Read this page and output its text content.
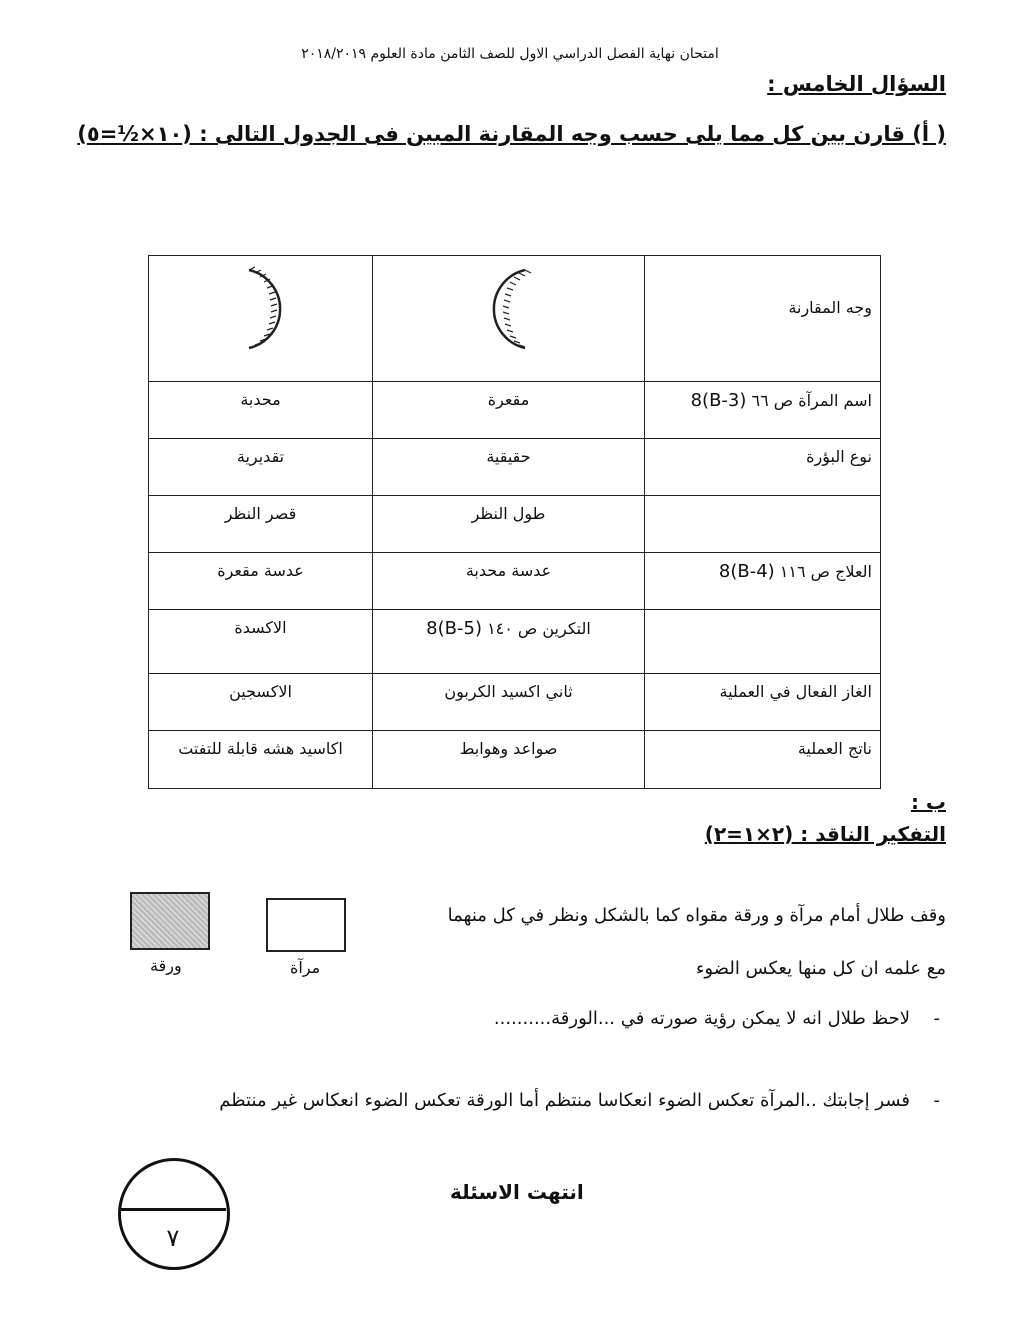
امتحان نهاية الفصل الدراسي الاول للصف الثامن مادة العلوم ٢٠١٨/٢٠١٩
السؤال الخامس :
( أ) قارن بين كل مما يلى حسب وجه المقارنة المبين فى الجدول التالى : (١٠×½=٥)
وجه المقارنة		
اسم المرآة ص ٦٦ 8(B-3)	مقعرة	محدبة
نوع البؤرة	حقيقية	تقديرية
	طول النظر	قصر النظر
العلاج ص ١١٦ 8(B-4)	عدسة محدبة	عدسة مقعرة
	التكرين ص ١٤٠ 8(B-5)	الاكسدة
الغاز الفعال في العملية	ثاني اكسيد الكربون	الاكسجين
ناتج العملية	صواعد وهوابط	اكاسيد هشه قابلة للتفتت
ب :
التفكير الناقد : (٢×١=٢)
ورقة	مرآة
وقف طلال أمام مرآة و ورقة مقواه كما بالشكل ونظر في كل منهما
مع علمه ان كل منها يعكس الضوء
-
لاحظ طلال انه لا يمكن رؤية صورته في ...الورقة..........
-
فسر إجابتك ..المرآة تعكس الضوء انعكاسا منتظم أما الورقة تعكس الضوء انعكاس غير منتظم
انتهت الاسئلة
٧
